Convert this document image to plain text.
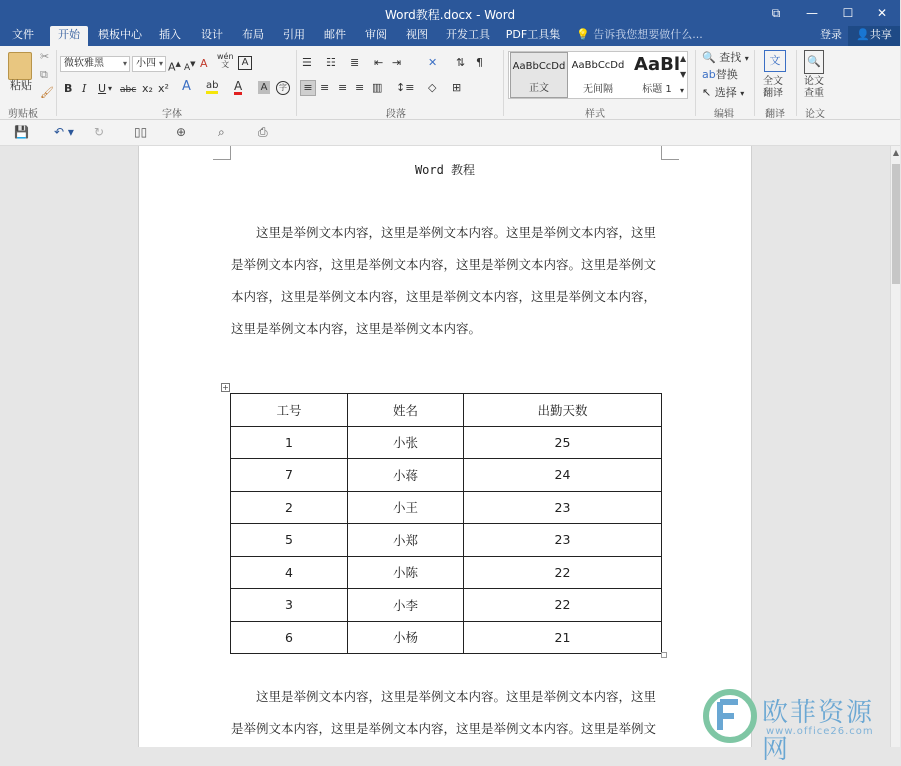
Word教程.docx - Word	⧉	—	☐	✕
文件	开始	模板中心	插入	设计	布局	引用	邮件	审阅	视图	开发工具	PDF工具集	💡 告诉我您想要做什么...	登录	👤共享
粘贴
✂
⧉
🖌
剪贴板
微软雅黑 ▾ 小四 ▾ A▲ A▼ A
wén
文	A
B I U ▾ abc x₂ x² A ab A A	字
字体
☰ ☷ ≣ ⇤ ⇥ ✕ ⇅ ¶
≡ ≡ ≡ ≡ ▥ ↕≡ ◇ ⊞
段落
AaBbCcDd
正文
AaBbCcDd
无间隔
AaBl
标题 1
▲
▼
▾
样式
🔍 查找 ▾
ab替换
↖ 选择 ▾
编辑
文
全文
翻译
翻译
🔍
论文
查重
论文
💾 ↶ ▾ ↻ ▯▯ ⊕	⌕	⎙
Word 教程
　　这里是举例文本内容，这里是举例文本内容。这里是举例文本内容，这里是举例文本内容，这里是举例文本内容，这里是举例文本内容。这里是举例文本内容，这里是举例文本内容，这里是举例文本内容，这里是举例文本内容，这里是举例文本内容，这里是举例文本内容。
+
工号	姓名	出勤天数
1	小张	25
7	小蒋	24
2	小王	23
5	小郑	23
4	小陈	22
3	小李	22
6	小杨	21
　　这里是举例文本内容，这里是举例文本内容。这里是举例文本内容，这里是举例文本内容，这里是举例文本内容，这里是举例文本内容。这里是举例文
▲
欧菲资源网
www.office26.com
